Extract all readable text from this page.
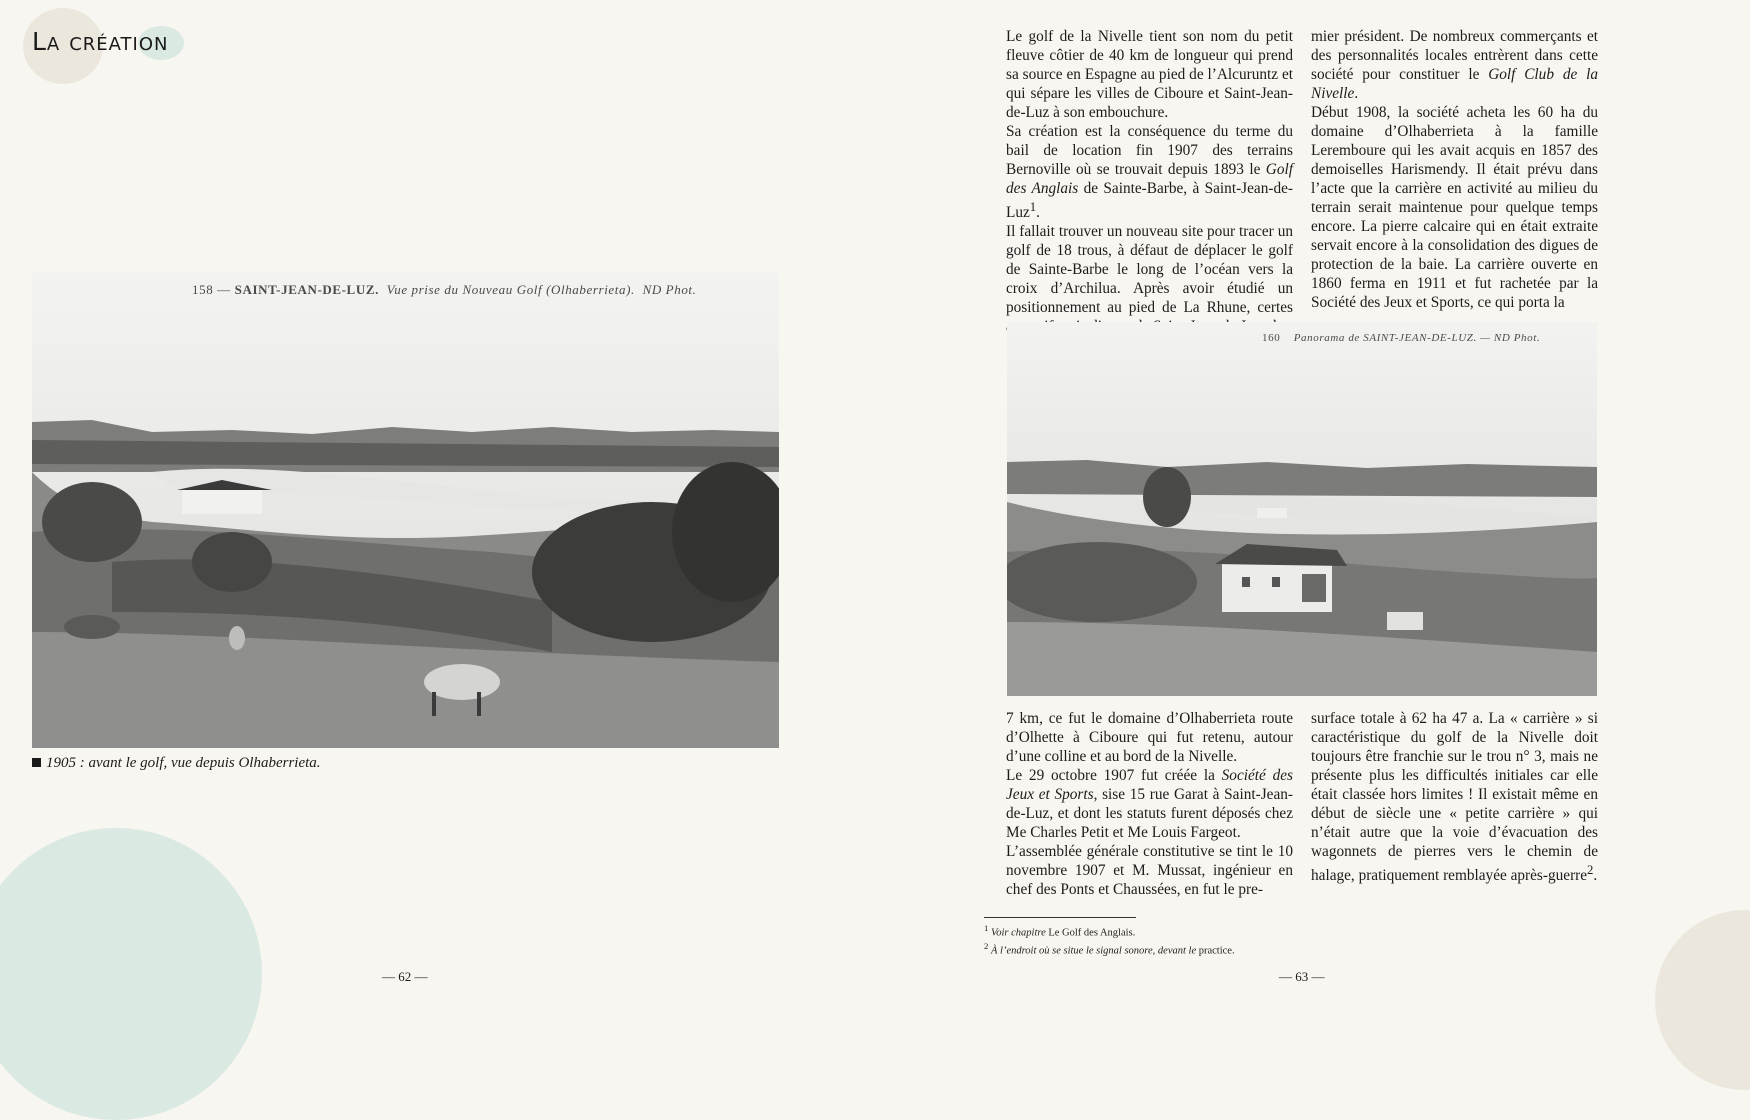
La création
158 — SAINT-JEAN-DE-LUZ. Vue prise du Nouveau Golf (Olhaberrieta). ND Phot.
1905 : avant le golf, vue depuis Olhaberrieta.

Le golf de la Nivelle tient son nom du petit fleuve côtier de 40 km de longueur qui prend sa source en Espagne au pied de l’Alcuruntz et qui sépare les villes de Ciboure et Saint-Jean-de-Luz à son embouchure.

Sa création est la conséquence du terme du bail de location fin 1907 des terrains Bernoville où se trouvait depuis 1893 le Golf des Anglais de Sainte-Barbe, à Saint-Jean-de-Luz$^1$.

Il fallait trouver un nouveau site pour tracer un golf de 18 trous, à défaut de déplacer le golf de Sainte-Barbe le long de l’océan vers la croix d’Archilua. Après avoir étudié un positionnement au pied de La Rhune, certes

mier président. De nombreux commerçants et des personnalités locales entrèrent dans cette société pour constituer le Golf Club de la Nivelle.

Début 1908, la société acheta les 60 ha du domaine d’Olhaberrieta à la famille Lerembourе qui les avait acquis en 1857 des demoiselles Harismendy. Il était prévu dans l’acte que la carrière en activité au milieu du terrain serait maintenue pour quelque temps encore. La pierre calcaire qui en était extraite servait encore à la consolidation des digues de protection de la baie. La carrière ouverte en 1860 ferma en 1911 et fut rachetée par la Société des Jeux et Sports, ce qui porta la

160 Panorama de SAINT-JEAN-DE-LUZ. — ND Phot.

7 km, ce fut le domaine d’Olhaberrieta route d’Olhette à Ciboure qui fut retenu, autour d’une colline et au bord de la Nivelle.

Le 29 octobre 1907 fut créée la Société des Jeux et Sports, sise 15 rue Garat à Saint-Jean-de-Luz, et dont les statuts furent déposés chez Me Charles Petit et Me Louis Fargeot.

L’assemblée générale constitutive se tint le 10 novembre 1907 et M. Mussat, ingénieur en chef des Ponts et Chaussées, en fut le pre-

surface totale à 62 ha 47 a. La « carrière » si caractéristique du golf de la Nivelle doit toujours être franchie sur le trou n° 3, mais ne présente plus les difficultés initiales car elle était classée hors limites ! Il existait même en début de siècle une « petite carrière » qui n’était autre que la voie d’évacuation des wagonnets de pierres vers le chemin de halage, pratiquement remblayée après-guerre$^2$.

$^1$ Voir chapitre Le Golf des Anglais.
$^2$ À l’endroit où se situe le signal sonore, devant le practice.
— 62 —	— 63 —
